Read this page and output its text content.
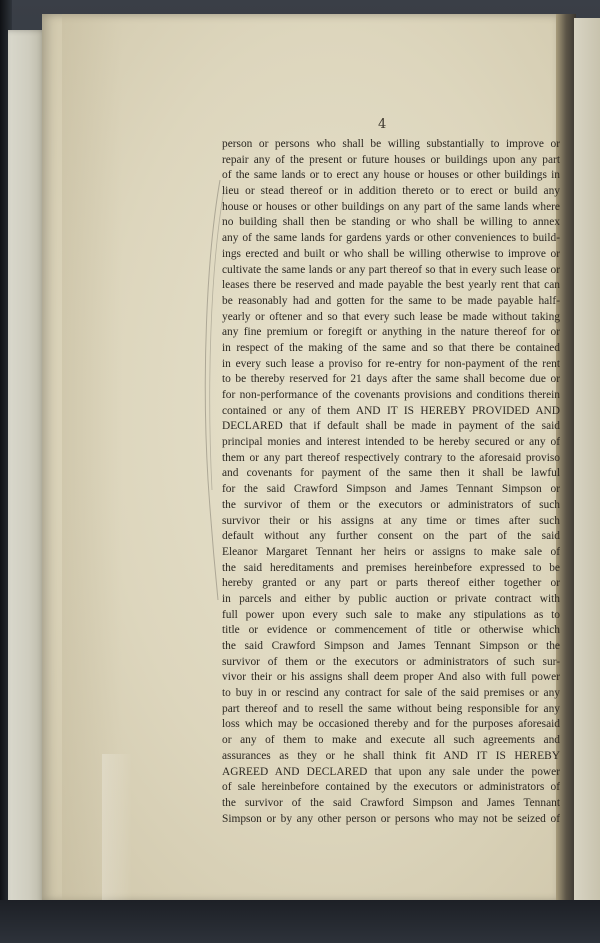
4
person or persons who shall be willing substantially to improve or
repair any of the present or future houses or buildings upon any part
of the same lands or to erect any house or houses or other buildings in
lieu or stead thereof or in addition thereto or to erect or build any
house or houses or other buildings on any part of the same lands where
no building shall then be standing or who shall be willing to annex
any of the same lands for gardens yards or other conveniences to build-
ings erected and built or who shall be willing otherwise to improve or
cultivate the same lands or any part thereof so that in every such lease or
leases there be reserved and made payable the best yearly rent that can
be reasonably had and gotten for the same to be made payable half-
yearly or oftener and so that every such lease be made without taking
any fine premium or foregift or anything in the nature thereof for or
in respect of the making of the same and so that there be contained
in every such lease a proviso for re-entry for non-payment of the rent
to be thereby reserved for 21 days after the same shall become due or
for non-performance of the covenants provisions and conditions therein
contained or any of them AND IT IS HEREBY PROVIDED AND
DECLARED that if default shall be made in payment of the said
principal monies and interest intended to be hereby secured or any of
them or any part thereof respectively contrary to the aforesaid proviso
and covenants for payment of the same then it shall be lawful
for the said Crawford Simpson and James Tennant Simpson or
the survivor of them or the executors or administrators of such
survivor their or his assigns at any time or times after such
default without any further consent on the part of the said
Eleanor Margaret Tennant her heirs or assigns to make sale of
the said hereditaments and premises hereinbefore expressed to be
hereby granted or any part or parts thereof either together or
in parcels and either by public auction or private contract with
full power upon every such sale to make any stipulations as to
title or evidence or commencement of title or otherwise which
the said Crawford Simpson and James Tennant Simpson or the
survivor of them or the executors or administrators of such sur-
vivor their or his assigns shall deem proper And also with full power
to buy in or rescind any contract for sale of the said premises or any
part thereof and to resell the same without being responsible for any
loss which may be occasioned thereby and for the purposes aforesaid
or any of them to make and execute all such agreements and
assurances as they or he shall think fit AND IT IS HEREBY
AGREED AND DECLARED that upon any sale under the power
of sale hereinbefore contained by the executors or administrators of
the survivor of the said Crawford Simpson and James Tennant
Simpson or by any other person or persons who may not be seized of
